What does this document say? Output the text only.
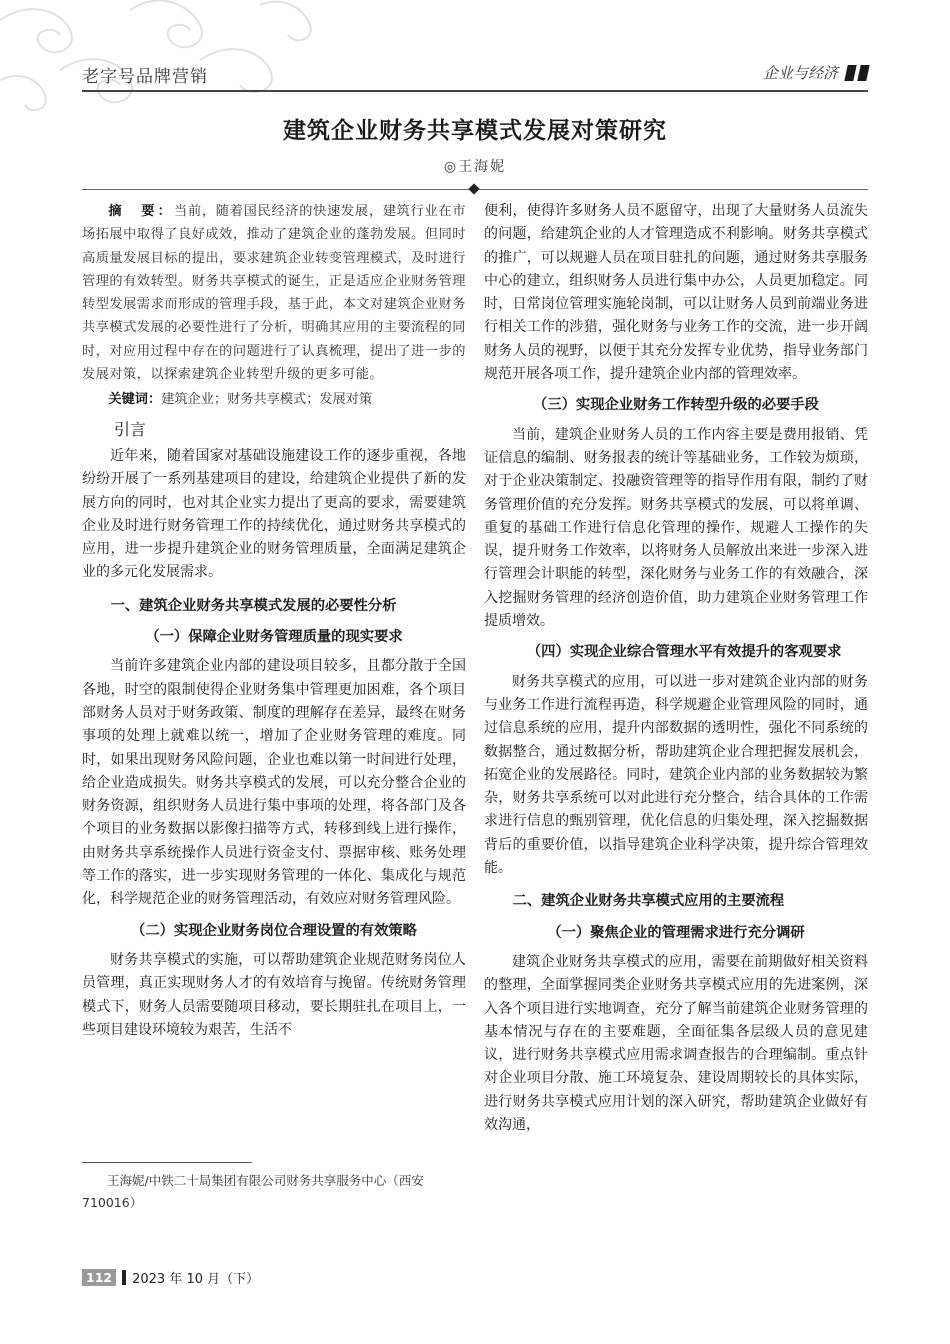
老字号品牌营销	企业与经济
建筑企业财务共享模式发展对策研究
◎王海妮

摘　要：当前，随着国民经济的快速发展，建筑行业在市场拓展中取得了良好成效，推动了建筑企业的蓬勃发展。但同时高质量发展目标的提出，要求建筑企业转变管理模式，及时进行管理的有效转型。财务共享模式的诞生，正是适应企业财务管理转型发展需求而形成的管理手段，基于此，本文对建筑企业财务共享模式发展的必要性进行了分析，明确其应用的主要流程的同时，对应用过程中存在的问题进行了认真梳理，提出了进一步的发展对策，以探索建筑企业转型升级的更多可能。

关键词：建筑企业；财务共享模式；发展对策

引言

近年来，随着国家对基础设施建设工作的逐步重视，各地纷纷开展了一系列基建项目的建设，给建筑企业提供了新的发展方向的同时，也对其企业实力提出了更高的要求，需要建筑企业及时进行财务管理工作的持续优化，通过财务共享模式的应用，进一步提升建筑企业的财务管理质量，全面满足建筑企业的多元化发展需求。

一、建筑企业财务共享模式发展的必要性分析
（一）保障企业财务管理质量的现实要求

当前许多建筑企业内部的建设项目较多，且都分散于全国各地，时空的限制使得企业财务集中管理更加困难，各个项目部财务人员对于财务政策、制度的理解存在差异，最终在财务事项的处理上就难以统一，增加了企业财务管理的难度。同时，如果出现财务风险问题，企业也难以第一时间进行处理，给企业造成损失。财务共享模式的发展，可以充分整合企业的财务资源，组织财务人员进行集中事项的处理，将各部门及各个项目的业务数据以影像扫描等方式，转移到线上进行操作，由财务共享系统操作人员进行资金支付、票据审核、账务处理等工作的落实，进一步实现财务管理的一体化、集成化与规范化，科学规范企业的财务管理活动，有效应对财务管理风险。

（二）实现企业财务岗位合理设置的有效策略

财务共享模式的实施，可以帮助建筑企业规范财务岗位人员管理，真正实现财务人才的有效培育与挽留。传统财务管理模式下，财务人员需要随项目移动，要长期驻扎在项目上，一些项目建设环境较为艰苦，生活不

便利，使得许多财务人员不愿留守，出现了大量财务人员流失的问题，给建筑企业的人才管理造成不利影响。财务共享模式的推广，可以规避人员在项目驻扎的问题，通过财务共享服务中心的建立，组织财务人员进行集中办公，人员更加稳定。同时，日常岗位管理实施轮岗制，可以让财务人员到前端业务进行相关工作的涉猎，强化财务与业务工作的交流，进一步开阔财务人员的视野，以便于其充分发挥专业优势，指导业务部门规范开展各项工作，提升建筑企业内部的管理效率。

（三）实现企业财务工作转型升级的必要手段

当前，建筑企业财务人员的工作内容主要是费用报销、凭证信息的编制、财务报表的统计等基础业务，工作较为烦琐，对于企业决策制定、投融资管理等的指导作用有限，制约了财务管理价值的充分发挥。财务共享模式的发展，可以将单调、重复的基础工作进行信息化管理的操作，规避人工操作的失误，提升财务工作效率，以将财务人员解放出来进一步深入进行管理会计职能的转型，深化财务与业务工作的有效融合，深入挖掘财务管理的经济创造价值，助力建筑企业财务管理工作提质增效。

（四）实现企业综合管理水平有效提升的客观要求

财务共享模式的应用，可以进一步对建筑企业内部的财务与业务工作进行流程再造，科学规避企业管理风险的同时，通过信息系统的应用，提升内部数据的透明性，强化不同系统的数据整合，通过数据分析，帮助建筑企业合理把握发展机会，拓宽企业的发展路径。同时，建筑企业内部的业务数据较为繁杂，财务共享系统可以对此进行充分整合，结合具体的工作需求进行信息的甄别管理，优化信息的归集处理，深入挖掘数据背后的重要价值，以指导建筑企业科学决策，提升综合管理效能。

二、建筑企业财务共享模式应用的主要流程
（一）聚焦企业的管理需求进行充分调研

建筑企业财务共享模式的应用，需要在前期做好相关资料的整理，全面掌握同类企业财务共享模式应用的先进案例，深入各个项目进行实地调查，充分了解当前建筑企业财务管理的基本情况与存在的主要难题，全面征集各层级人员的意见建议，进行财务共享模式应用需求调查报告的合理编制。重点针对企业项目分散、施工环境复杂、建设周期较长的具体实际，进行财务共享模式应用计划的深入研究，帮助建筑企业做好有效沟通，

王海妮/中铁二十局集团有限公司财务共享服务中心（西安710016）
112	2023 年 10 月（下）
